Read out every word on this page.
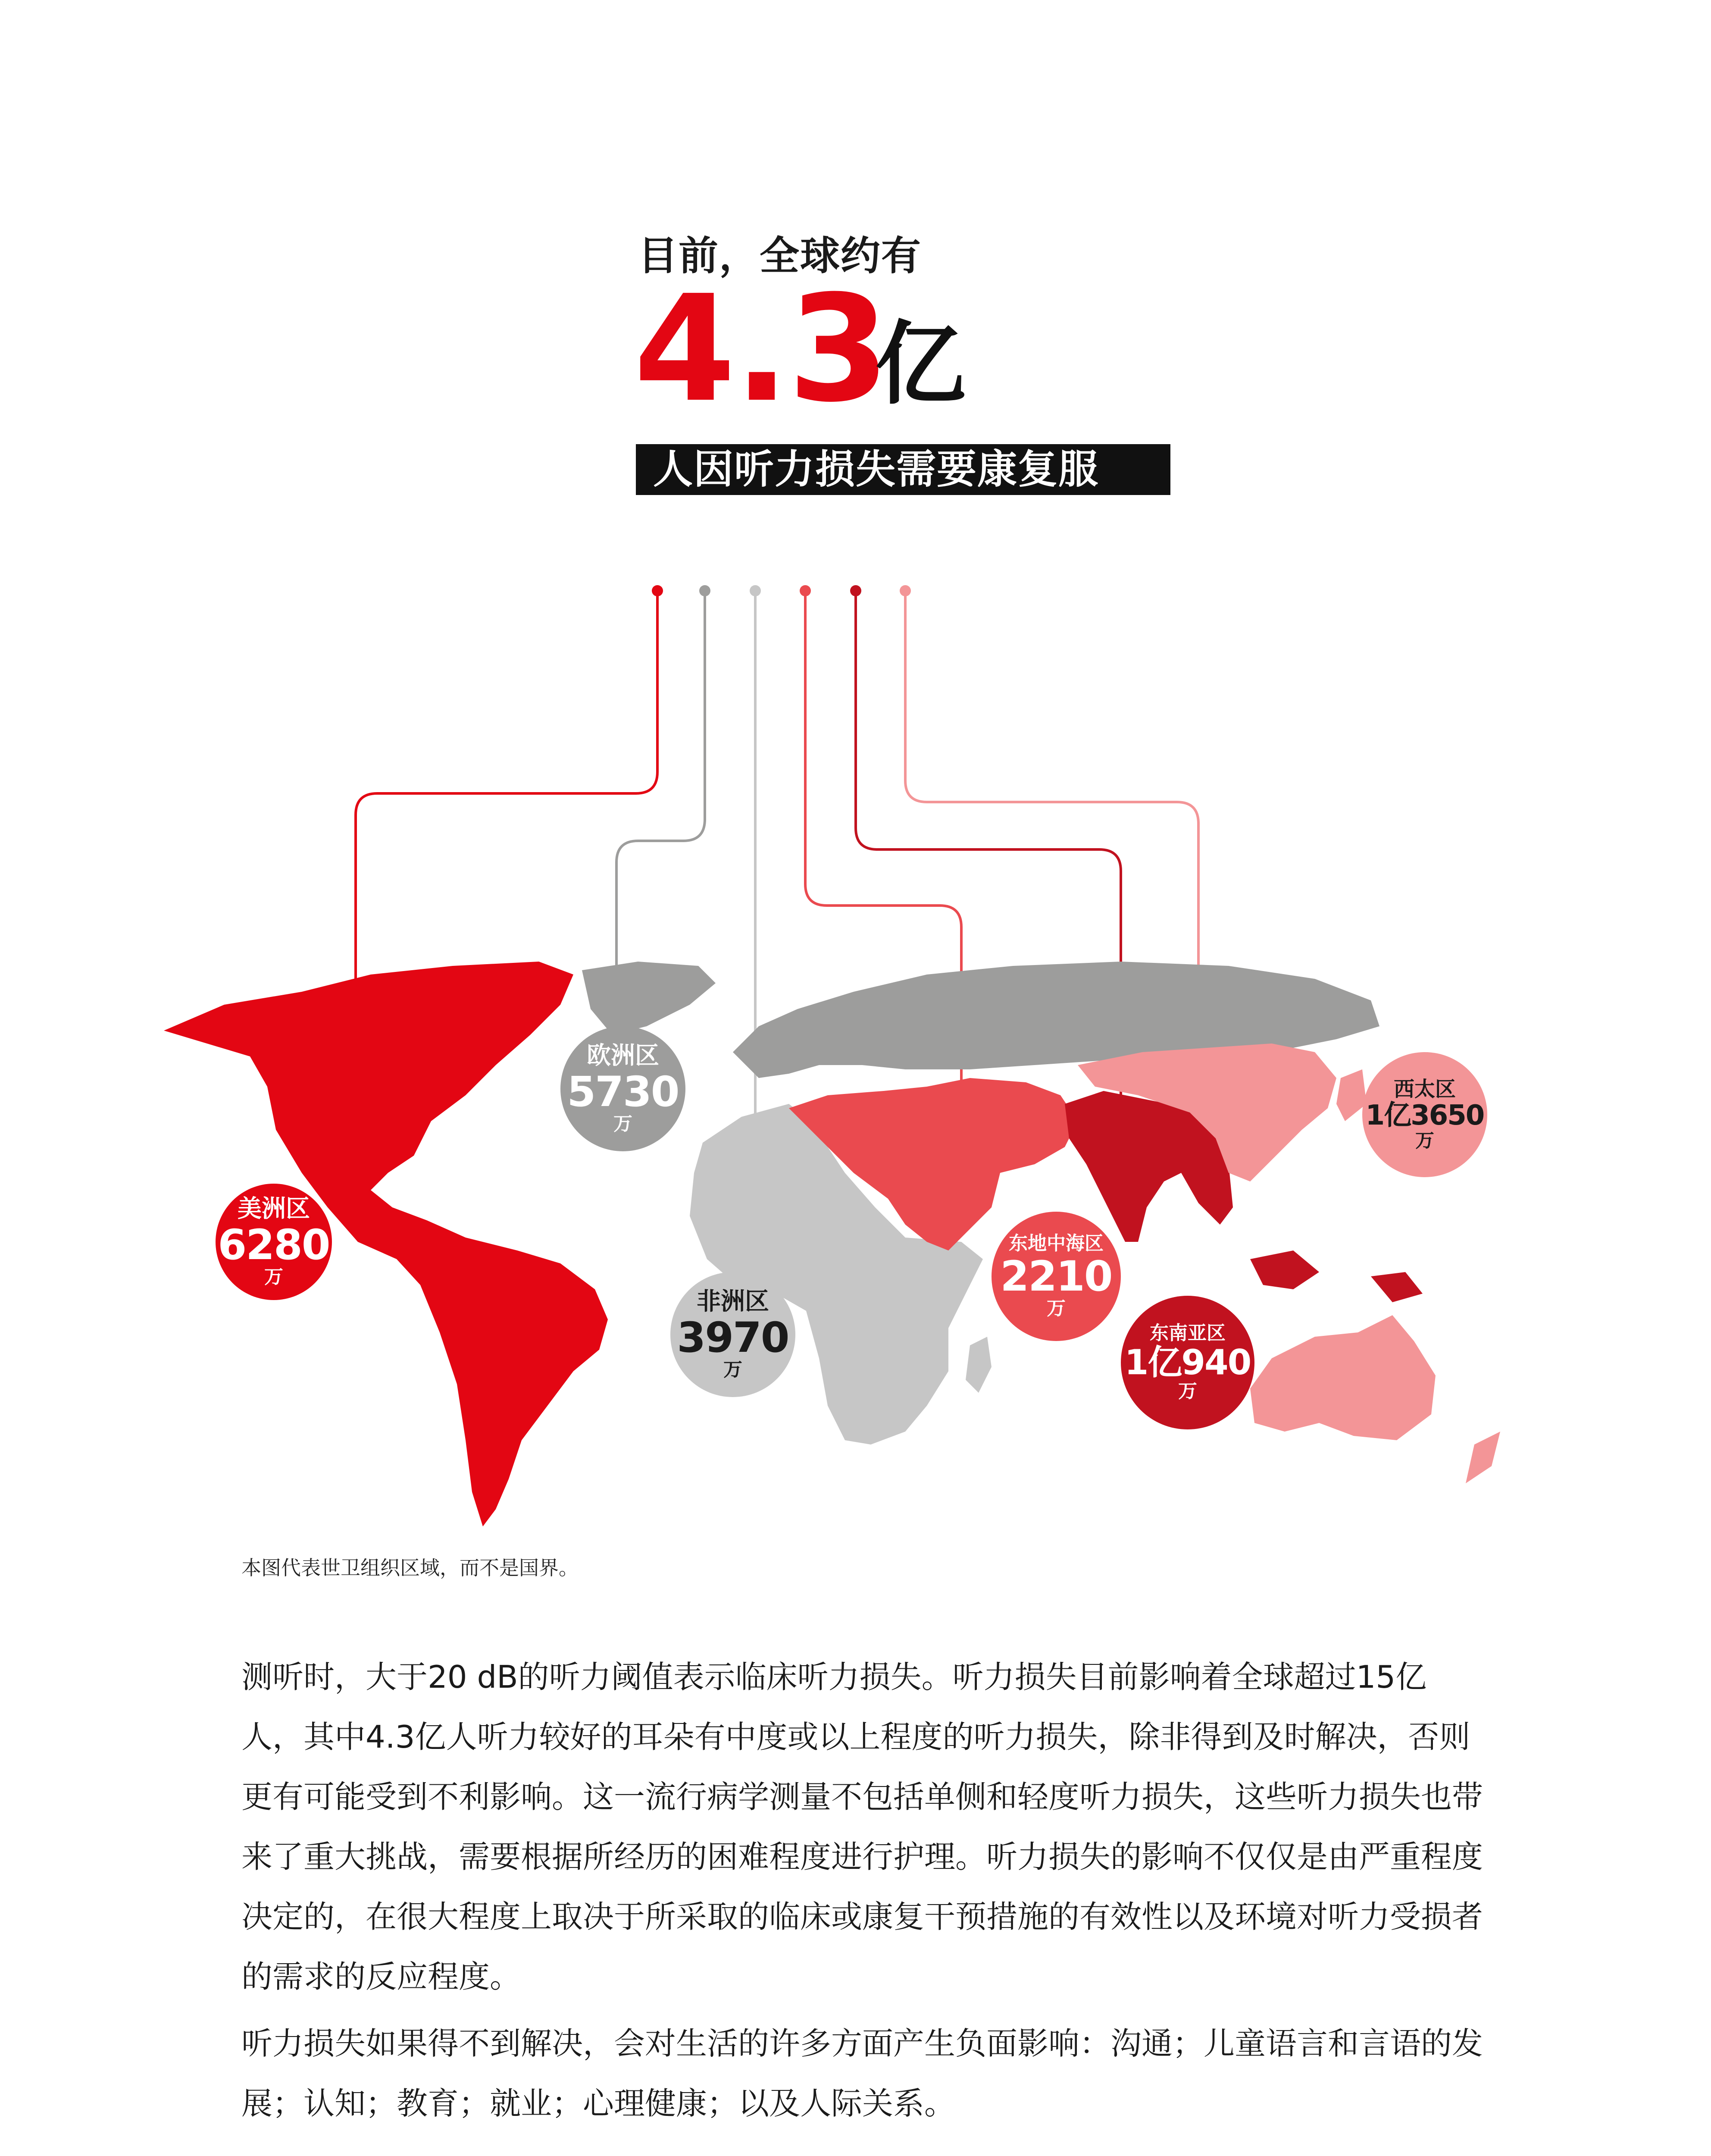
目前，全球约有
4.3
亿
人因听力损失需要康复服务。
美洲区
6280
万
欧洲区
5730
万
非洲区
3970
万
东地中海区
2210
万
东南亚区
1亿940
万
西太区
1亿3650
万
本图代表世卫组织区域，而不是国界。

测听时，大于20 dB的听力阈值表示临床听力损失。听力损失目前影响着全球超过15亿人，其中4.3亿人听力较好的耳朵有中度或以上程度的听力损失，除非得到及时解决，否则更有可能受到不利影响。这一流行病学测量不包括单侧和轻度听力损失，这些听力损失也带来了重大挑战，需要根据所经历的困难程度进行护理。听力损失的影响不仅仅是由严重程度决定的，在很大程度上取决于所采取的临床或康复干预措施的有效性以及环境对听力受损者的需求的反应程度。

听力损失如果得不到解决，会对生活的许多方面产生负面影响：沟通；儿童语言和言语的发展；认知；教育；就业；心理健康；以及人际关系。
